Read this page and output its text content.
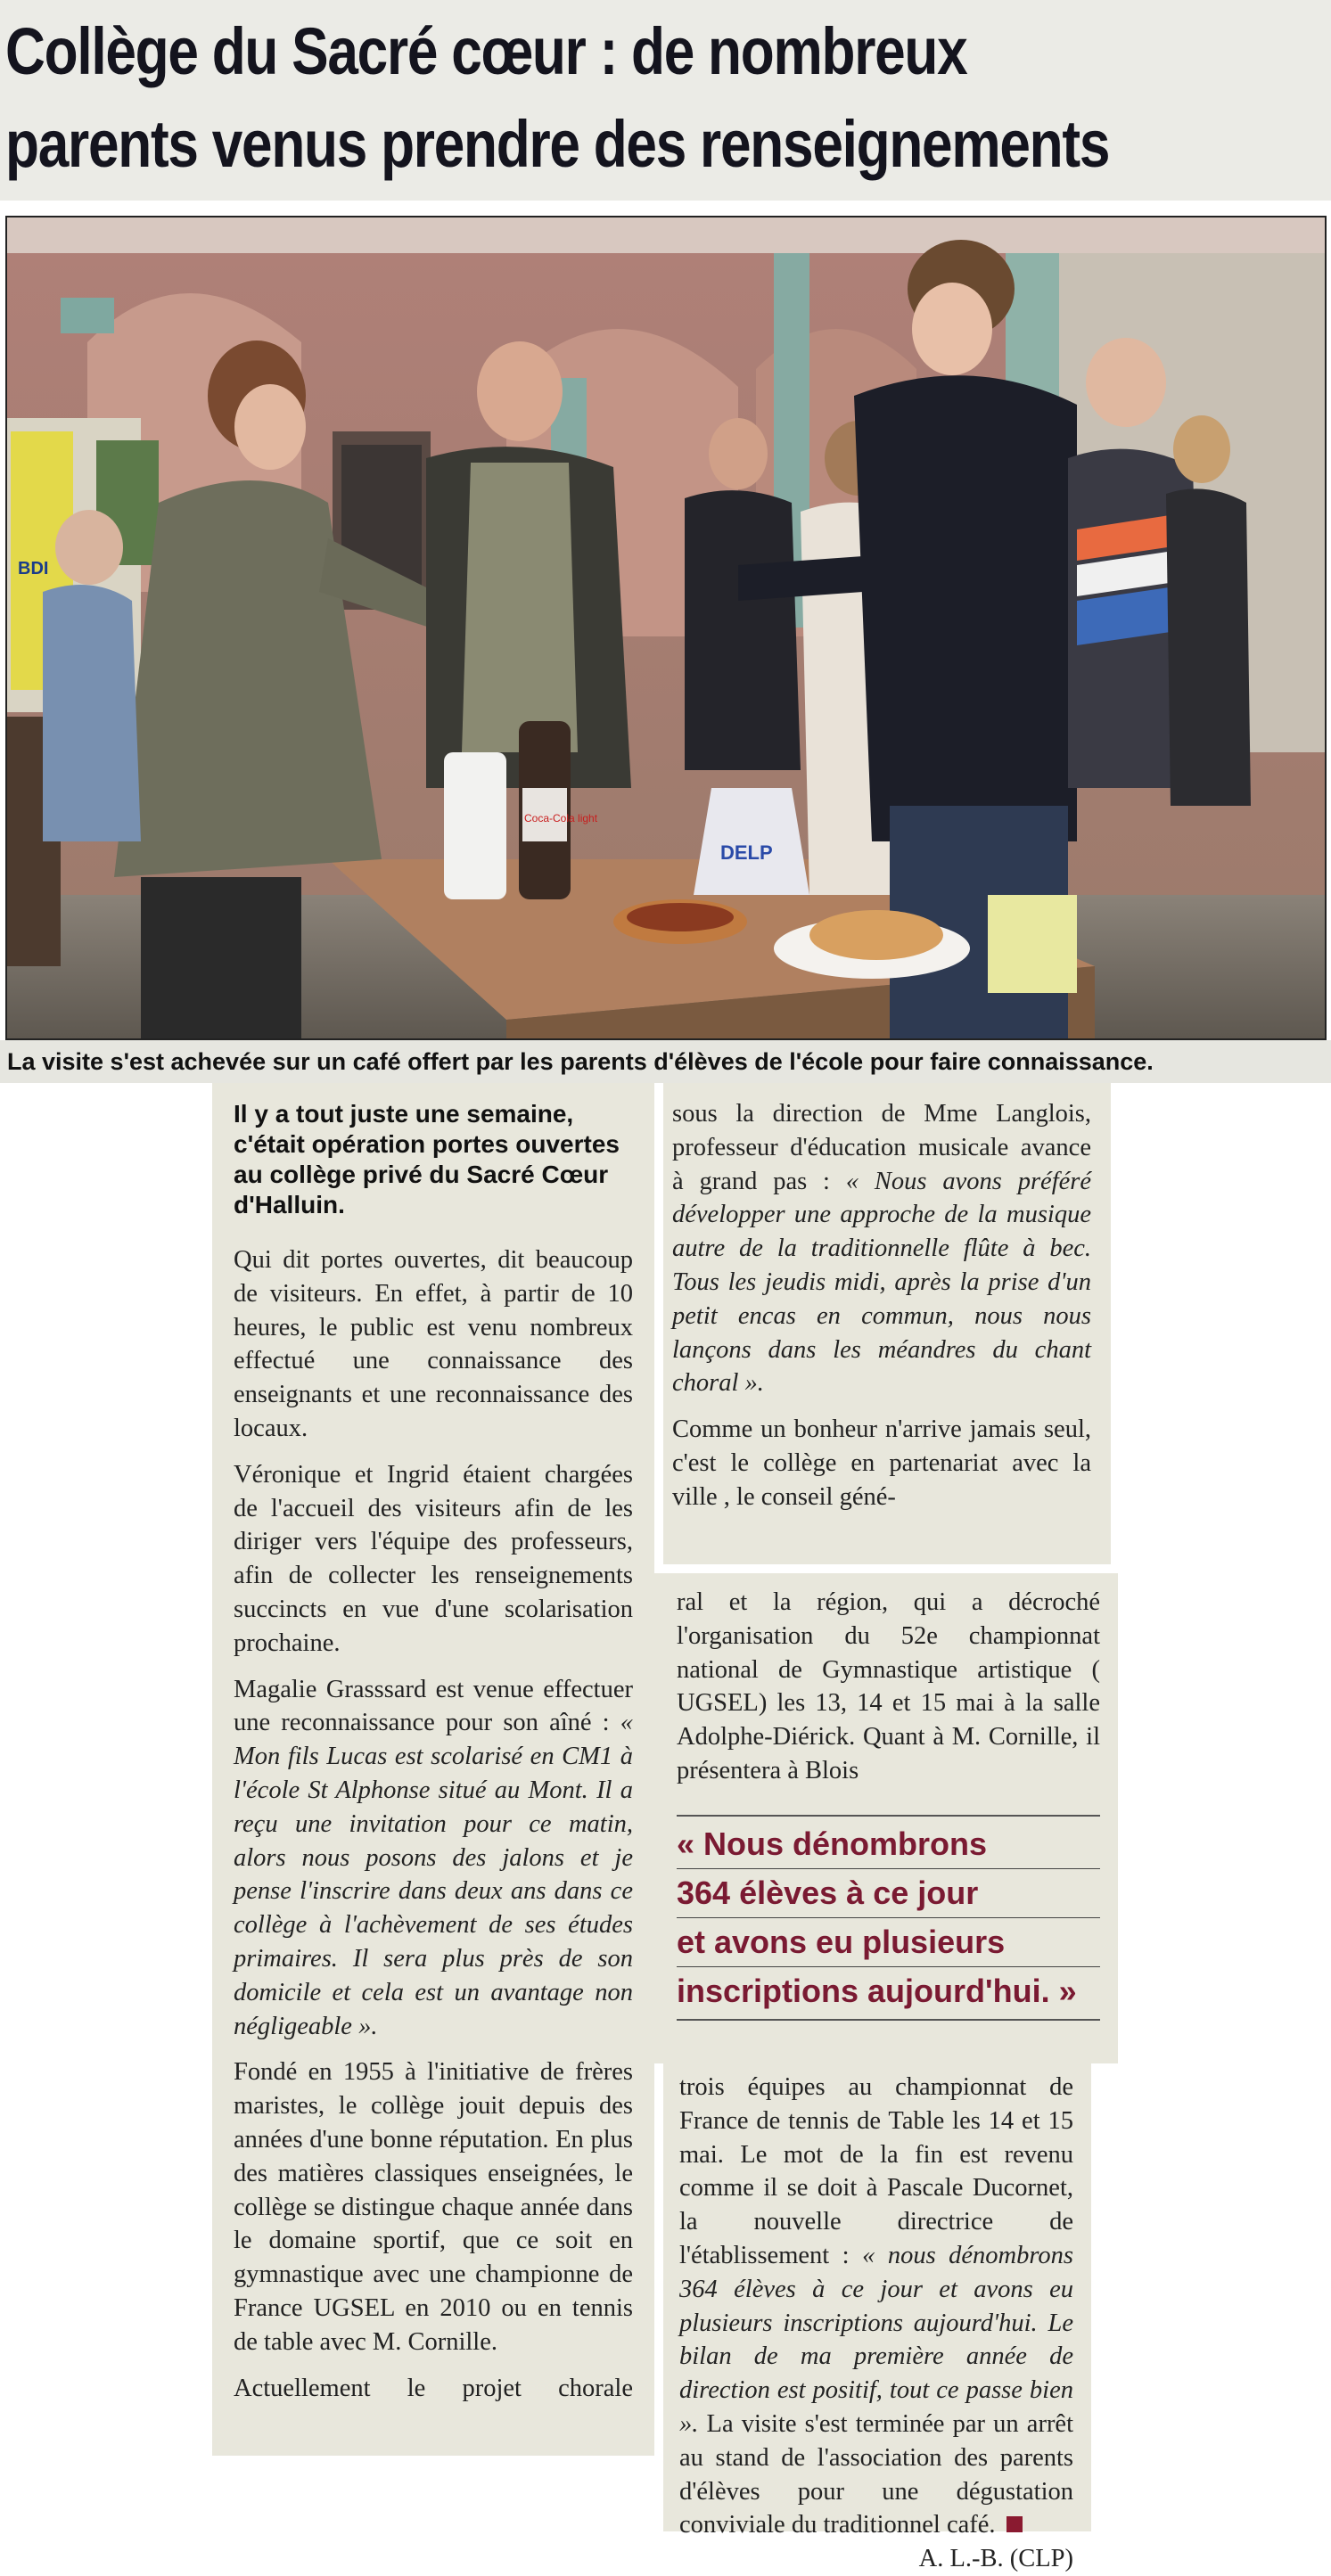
Collège du Sacré cœur : de nombreux
parents venus prendre des renseignements
BDI
Coca-Cola light
DELP
La visite s'est achevée sur un café offert par les parents d'élèves de l'école pour faire connaissance.
Il y a tout juste une semaine, c'était opération portes ouvertes au collège privé du Sacré Cœur d'Halluin.

Qui dit portes ouvertes, dit beaucoup de visiteurs. En effet, à partir de 10 heures, le public est venu nombreux effectué une connaissance des enseignants et une reconnaissance des locaux.

Véronique et Ingrid étaient chargées de l'accueil des visiteurs afin de les diriger vers l'équipe des professeurs, afin de collecter les renseignements succincts en vue d'une scolarisation prochaine.

Magalie Grasssard est venue effectuer une reconnaissance pour son aîné : « Mon fils Lucas est scolarisé en CM1 à l'école St Alphonse situé au Mont. Il a reçu une invitation pour ce matin, alors nous posons des jalons et je pense l'inscrire dans deux ans dans ce collège à l'achèvement de ses études primaires. Il sera plus près de son domicile et cela est un avantage non négligeable ».

Fondé en 1955 à l'initiative de frères maristes, le collège jouit depuis des années d'une bonne réputation. En plus des matières classiques enseignées, le collège se distingue chaque année dans le domaine sportif, que ce soit en gymnastique avec une championne de France UGSEL en 2010 ou en tennis de table avec M. Cornille.

Actuellement le projet chorale

sous la direction de Mme Langlois, professeur d'éducation musicale avance à grand pas : « Nous avons préféré développer une approche de la musique autre de la traditionnelle flûte à bec. Tous les jeudis midi, après la prise d'un petit encas en commun, nous nous lançons dans les méandres du chant choral ».

Comme un bonheur n'arrive jamais seul, c'est le collège en partenariat avec la ville , le conseil géné-

ral et la région, qui a décroché l'organisation du 52e championnat national de Gymnastique artistique ( UGSEL) les 13, 14 et 15 mai à la salle Adolphe-Diérick. Quant à M. Cornille, il présentera à Blois

« Nous dénombrons
364 élèves à ce jour
et avons eu plusieurs
inscriptions aujourd'hui. »

trois équipes au championnat de France de tennis de Table les 14 et 15 mai. Le mot de la fin est revenu comme il se doit à Pascale Ducornet, la nouvelle directrice de l'établissement : « nous dénombrons 364 élèves à ce jour et avons eu plusieurs inscriptions aujourd'hui. Le bilan de ma première année de direction est positif, tout ce passe bien ». La visite s'est terminée par un arrêt au stand de l'association des parents d'élèves pour une dégustation conviviale du traditionnel café.

A. L.-B. (CLP)
